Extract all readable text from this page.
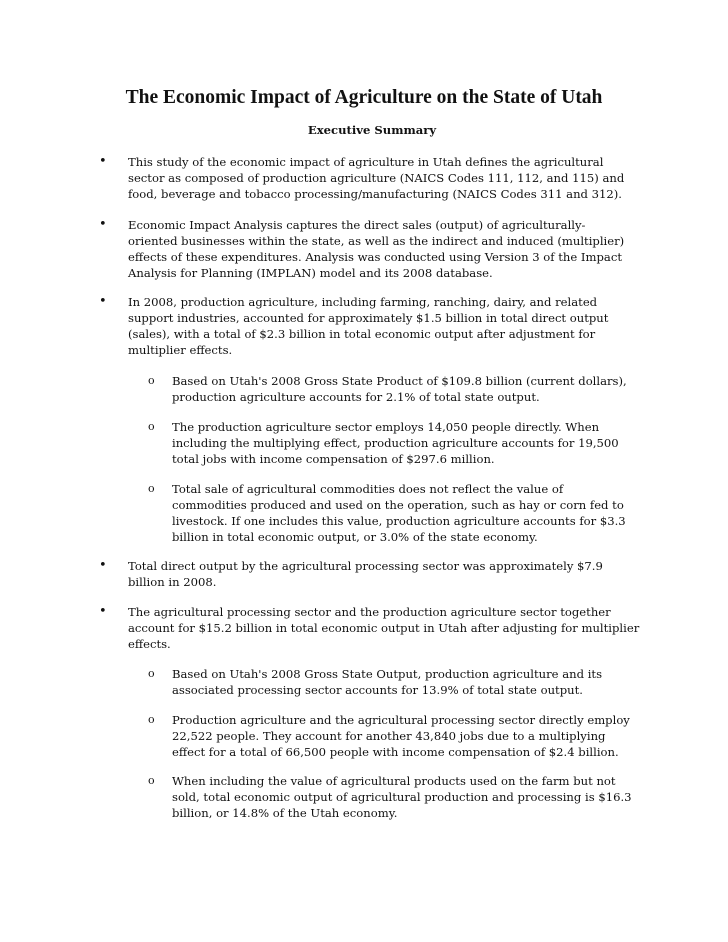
The Economic Impact of Agriculture on the State of Utah
Executive Summary
• This study of the economic impact of agriculture in Utah defines the agricultural
sector as composed of production agriculture (NAICS Codes 111, 112, and 115) and
food, beverage and tobacco processing/manufacturing (NAICS Codes 311 and 312).
• Economic Impact Analysis captures the direct sales (output) of agriculturally-
oriented businesses within the state, as well as the indirect and induced (multiplier)
effects of these expenditures. Analysis was conducted using Version 3 of the Impact
Analysis for Planning (IMPLAN) model and its 2008 database.
• In 2008, production agriculture, including farming, ranching, dairy, and related
support industries, accounted for approximately $1.5 billion in total direct output
(sales), with a total of $2.3 billion in total economic output after adjustment for
multiplier effects.
o Based on Utah's 2008 Gross State Product of $109.8 billion (current dollars),
production agriculture accounts for 2.1% of total state output.
o The production agriculture sector employs 14,050 people directly. When
including the multiplying effect, production agriculture accounts for 19,500
total jobs with income compensation of $297.6 million.
o Total sale of agricultural commodities does not reflect the value of
commodities produced and used on the operation, such as hay or corn fed to
livestock. If one includes this value, production agriculture accounts for $3.3
billion in total economic output, or 3.0% of the state economy.
• Total direct output by the agricultural processing sector was approximately $7.9
billion in 2008.
• The agricultural processing sector and the production agriculture sector together
account for $15.2 billion in total economic output in Utah after adjusting for multiplier
effects.
o Based on Utah's 2008 Gross State Output, production agriculture and its
associated processing sector accounts for 13.9% of total state output.
o Production agriculture and the agricultural processing sector directly employ
22,522 people. They account for another 43,840 jobs due to a multiplying
effect for a total of 66,500 people with income compensation of $2.4 billion.
o When including the value of agricultural products used on the farm but not
sold, total economic output of agricultural production and processing is $16.3
billion, or 14.8% of the Utah economy.
